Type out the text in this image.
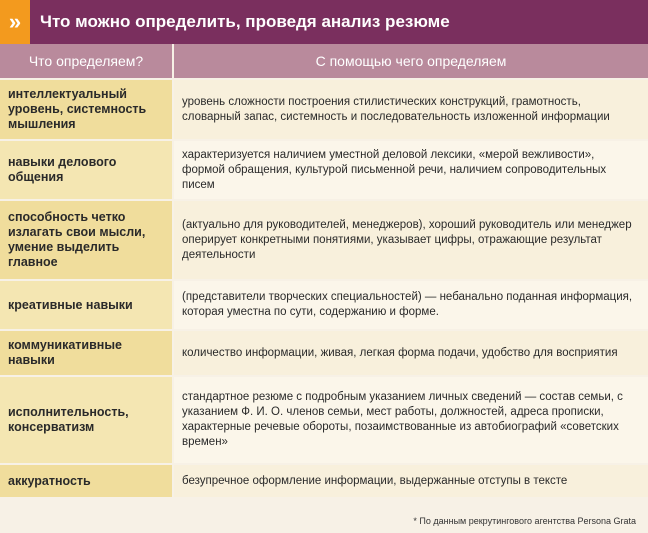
»	Что можно определить, проведя анализ резюме
Что определяем?	С помощью чего определяем
интеллектуальный уровень, системность мышления	уровень сложности построения стилистических конструкций, грамотность, словарный запас, системность и последовательность изложенной информации
навыки делового общения	характеризуется наличием уместной деловой лексики, «мерой вежливости», формой обращения, культурой письменной речи, наличием сопроводительных писем
способность четко излагать свои мысли, умение выделить главное	(актуально для руководителей, менеджеров), хороший руководитель или менеджер оперирует конкретными понятиями, указывает цифры, отражающие результат деятельности
креативные навыки	(представители творческих специальностей) — небанально поданная информация, которая уместна по сути, содержанию и форме.
коммуникативные навыки	количество информации, живая, легкая форма подачи, удобство для восприятия
исполнительность, консерватизм	стандартное резюме с подробным указанием личных сведений — состав семьи, с указанием Ф. И. О. членов семьи, мест работы, должностей, адреса прописки, характерные речевые обороты, позаимствованные из автобиографий «советских времен»
аккуратность	безупречное оформление информации, выдержанные отступы в тексте
* По данным рекрутингового агентства Persona Grata
